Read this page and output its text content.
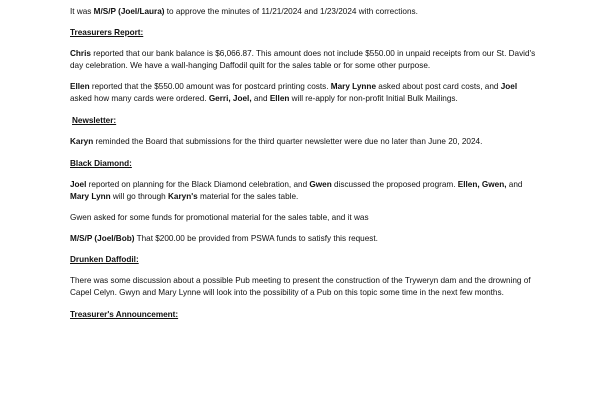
It was M/S/P (Joel/Laura) to approve the minutes of 11/21/2024 and 1/23/2024 with corrections.

Treasurers Report:

Chris reported that our bank balance is $6,066.87. This amount does not include $550.00 in unpaid receipts from our St. David's day celebration. We have a wall-hanging Daffodil quilt for the sales table or for some other purpose.

Ellen reported that the $550.00 amount was for postcard printing costs. Mary Lynne asked about post card costs, and Joel asked how many cards were ordered. Gerri, Joel, and Ellen will re-apply for non-profit Initial Bulk Mailings.

Newsletter:

Karyn reminded the Board that submissions for the third quarter newsletter were due no later than June 20, 2024.

Black Diamond:

Joel reported on planning for the Black Diamond celebration, and Gwen discussed the proposed program. Ellen, Gwen, and Mary Lynn will go through Karyn's material for the sales table.

Gwen asked for some funds for promotional material for the sales table, and it was

M/S/P (Joel/Bob) That $200.00 be provided from PSWA funds to satisfy this request.

Drunken Daffodil:

There was some discussion about a possible Pub meeting to present the construction of the Tryweryn dam and the drowning of Capel Celyn. Gwyn and Mary Lynne will look into the possibility of a Pub on this topic some time in the next few months.

Treasurer's Announcement:
